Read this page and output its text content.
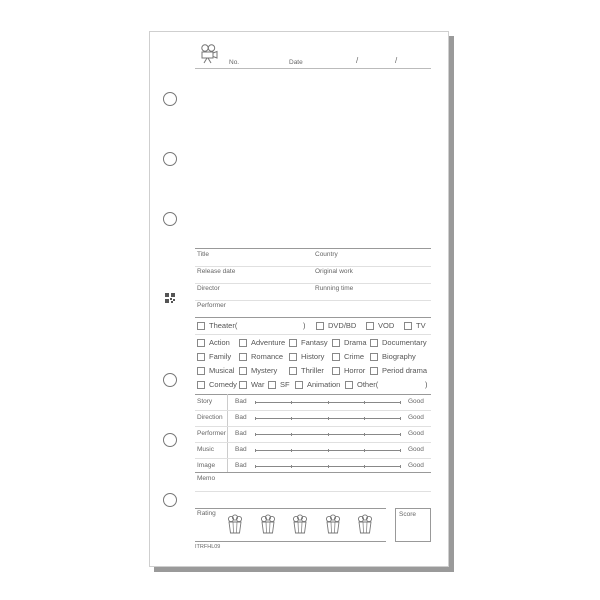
No.	Date	/	/
Title	Country
Release date	Original work
Director	Running time
Performer
Theater(	)	DVD/BD	VOD	TV
Action	Adventure Fantasy Drama Documentary
Family	Romance History	Crime Biography
Musical Mystery	Thriller	Horror Period drama
Comedy War SF Animation Other(	)
Story	Bad	Good
Direction Bad	Good
Performer Bad	Good
Music	Bad	Good
Image	Bad	Good
Memo
Rating	Score
ITRFHL09
